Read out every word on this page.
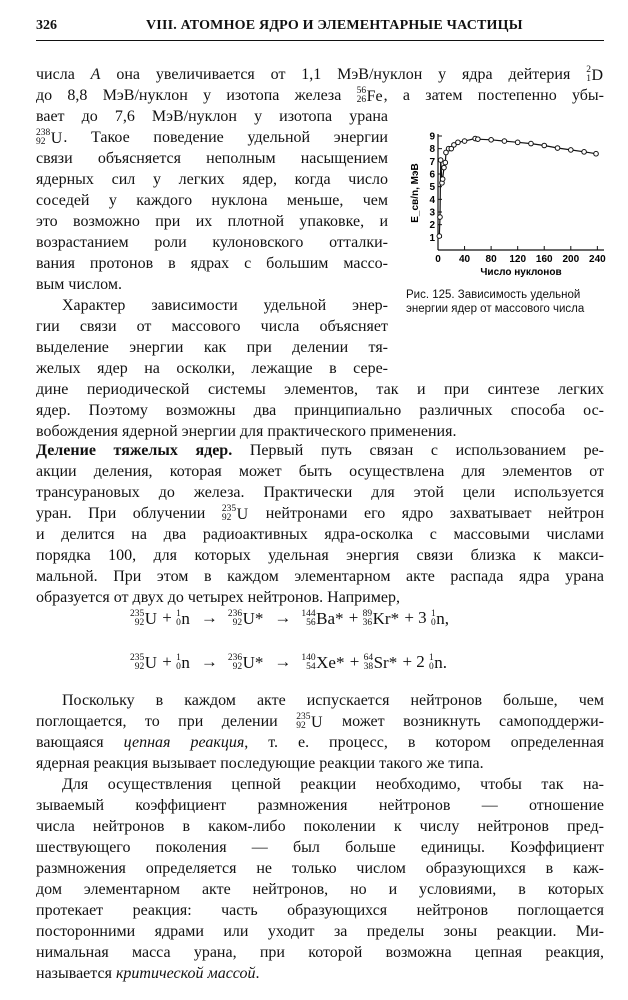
326	VIII. АТОМНОЕ ЯДРО И ЭЛЕМЕНТАРНЫЕ ЧАСТИЦЫ
числа A она увеличивается от 1,1 МэВ/нуклон у ядра дейтерия 2
1 D
до 8,8 МэВ/нуклон у изотопа железа 56
26 Fe , а затем постепенно убы-
вает до 7,6 МэВ/нуклон у изотопа урана
238
92 U . Такое поведение удельной энергии
связи объясняется неполным насыщением
ядерных сил у легких ядер, когда число
соседей у каждого нуклона меньше, чем
это возможно при их плотной упаковке, и
возрастанием роли кулоновского отталки-
вания протонов в ядрах с большим массо-
вым числом.
Характер зависимости удельной энер-
гии связи от массового числа объясняет
выделение энергии как при делении тя-
желых ядер на осколки, лежащие в сере-
дине периодической системы элементов, так и при синтезе легких
ядер. Поэтому возможны два принципиально различных способа ос-
вобождения ядерной энергии для практического применения.
1
2
3
4
5
6
7
8
9
0 40 80 120 160 200 240
Число нуклонов
E_св/n, МэВ
Рис. 125. Зависимость удельной энергии ядер от массового числа
Деление тяжелых ядер. Первый путь связан с использованием ре-
акции деления, которая может быть осуществлена для элементов от
трансурановых до железа. Практически для этой цели используется
уран. При облучении 235
92 U нейтронами его ядро захватывает нейтрон
и делится на два радиоактивных ядра-осколка с массовыми числами
порядка 100, для которых удельная энергия связи близка к макси-
мальной. При этом в каждом элементарном акте распада ядра урана
образуется от двух до четырех нейтронов. Например,
235
92 U + 1
0 n → 236
92 U* → 144
56 Ba* + 89
36 Kr* + 3 1
0 n,
235
92 U + 1
0 n → 236
92 U* → 140
54 Xe* + 64
38 Sr* + 2 1
0 n.
Поскольку в каждом акте испускается нейтронов больше, чем
поглощается, то при делении 235
92 U может возникнуть самоподдержи-
вающаяся цепная реакция, т. е. процесс, в котором определенная
ядерная реакция вызывает последующие реакции такого же типа.
Для осуществления цепной реакции необходимо, чтобы так на-
зываемый коэффициент размножения нейтронов — отношение
числа нейтронов в каком-либо поколении к числу нейтронов пред-
шествующего поколения — был больше единицы. Коэффициент
размножения определяется не только числом образующихся в каж-
дом элементарном акте нейтронов, но и условиями, в которых
протекает реакция: часть образующихся нейтронов поглощается
посторонними ядрами или уходит за пределы зоны реакции. Ми-
нимальная масса урана, при которой возможна цепная реакция,
называется критической массой.
